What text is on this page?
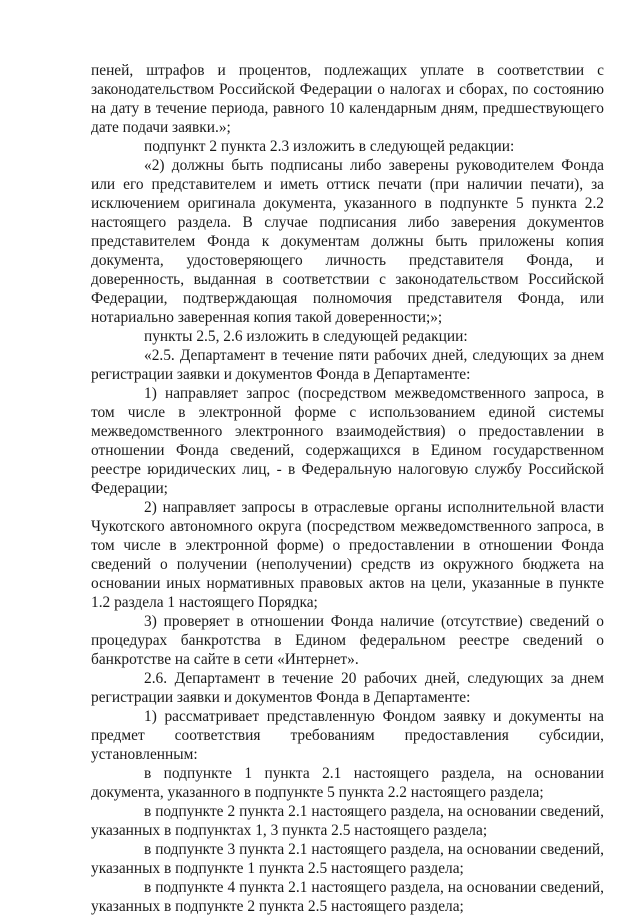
пеней, штрафов и процентов, подлежащих уплате в соответствии с законодательством Российской Федерации о налогах и сборах, по состоянию на дату в течение периода, равного 10 календарным дням, предшествующего дате подачи заявки.»;

подпункт 2 пункта 2.3 изложить в следующей редакции:

«2) должны быть подписаны либо заверены руководителем Фонда или его представителем и иметь оттиск печати (при наличии печати), за исключением оригинала документа, указанного в подпункте 5 пункта 2.2 настоящего раздела. В случае подписания либо заверения документов представителем Фонда к документам должны быть приложены копия документа, удостоверяющего личность представителя Фонда, и доверенность, выданная в соответствии с законодательством Российской Федерации, подтверждающая полномочия представителя Фонда, или нотариально заверенная копия такой доверенности;»;

пункты 2.5, 2.6 изложить в следующей редакции:

«2.5. Департамент в течение пяти рабочих дней, следующих за днем регистрации заявки и документов Фонда в Департаменте:

1) направляет запрос (посредством межведомственного запроса, в том числе в электронной форме с использованием единой системы межведомственного электронного взаимодействия) о предоставлении в отношении Фонда сведений, содержащихся в Едином государственном реестре юридических лиц, - в Федеральную налоговую службу Российской Федерации;

2) направляет запросы в отраслевые органы исполнительной власти Чукотского автономного округа (посредством межведомственного запроса, в том числе в электронной форме) о предоставлении в отношении Фонда сведений о получении (неполучении) средств из окружного бюджета на основании иных нормативных правовых актов на цели, указанные в пункте 1.2 раздела 1 настоящего Порядка;

3) проверяет в отношении Фонда наличие (отсутствие) сведений о процедурах банкротства в Едином федеральном реестре сведений о банкротстве на сайте в сети «Интернет».

2.6. Департамент в течение 20 рабочих дней, следующих за днем регистрации заявки и документов Фонда в Департаменте:

1) рассматривает представленную Фондом заявку и документы на предмет соответствия требованиям предоставления субсидии, установленным:

в подпункте 1 пункта 2.1 настоящего раздела, на основании документа, указанного в подпункте 5 пункта 2.2 настоящего раздела;

в подпункте 2 пункта 2.1 настоящего раздела, на основании сведений, указанных в подпунктах 1, 3 пункта 2.5 настоящего раздела;

в подпункте 3 пункта 2.1 настоящего раздела, на основании сведений, указанных в подпункте 1 пункта 2.5 настоящего раздела;

в подпункте 4 пункта 2.1 настоящего раздела, на основании сведений, указанных в подпункте 2 пункта 2.5 настоящего раздела;
